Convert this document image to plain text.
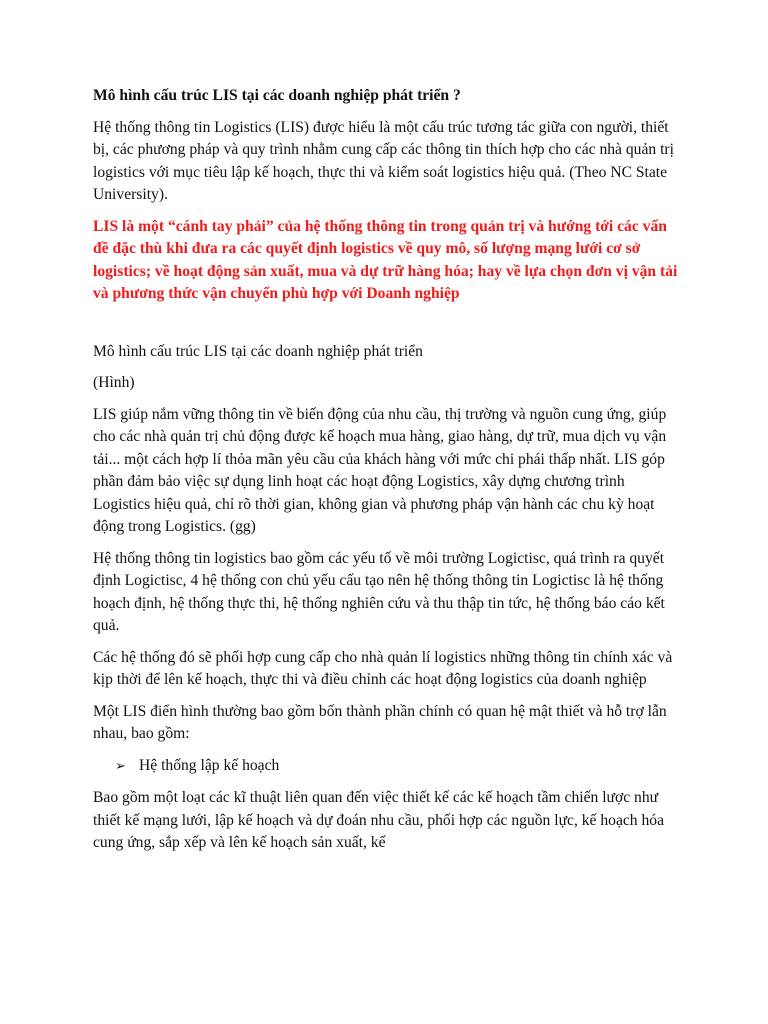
Mô hình cấu trúc LIS tại các doanh nghiệp phát triển ?

Hệ thống thông tin Logistics (LIS) được hiểu là một cấu trúc tương tác giữa con người, thiết bị, các phương pháp và quy trình nhằm cung cấp các thông tin thích hợp cho các nhà quản trị logistics với mục tiêu lập kế hoạch, thực thi và kiểm soát logistics hiệu quả. (Theo NC State University).

LIS là một “cánh tay phải” của hệ thống thông tin trong quản trị và hướng tới các vấn đề đặc thù khi đưa ra các quyết định logistics về quy mô, số lượng mạng lưới cơ sở logistics; về hoạt động sản xuất, mua và dự trữ hàng hóa; hay về lựa chọn đơn vị vận tải và phương thức vận chuyển phù hợp với Doanh nghiệp

Mô hình cấu trúc LIS tại các doanh nghiệp phát triển

(Hình)

LIS giúp nắm vững thông tin về biến động của nhu cầu, thị trường và nguồn cung ứng, giúp cho các nhà quản trị chủ động được kế hoạch mua hàng, giao hàng, dự trữ, mua dịch vụ vận tải... một cách hợp lí thỏa mãn yêu cầu của khách hàng với mức chi phái thấp nhất. LIS góp phần đảm bảo việc sự dụng linh hoạt các hoạt động Logistics, xây dựng chương trình Logistics hiệu quả, chỉ rõ thời gian, không gian và phương pháp vận hành các chu kỳ hoạt động trong Logistics. (gg)

Hệ thống thông tin logistics bao gồm các yếu tố về môi trường Logictisc, quá trình ra quyết định Logictisc, 4 hệ thống con chủ yếu cấu tạo nên hệ thống thông tin Logictisc là hệ thống hoạch định, hệ thống thực thi, hệ thống nghiên cứu và thu thập tin tức, hệ thống báo cáo kết quả.

Các hệ thống đó sẽ phối hợp cung cấp cho nhà quản lí logistics những thông tin chính xác và kịp thời để lên kế hoạch, thực thi và điều chỉnh các hoạt động logistics của doanh nghiệp

Một LIS điển hình thường bao gồm bốn thành phần chính có quan hệ mật thiết và hỗ trợ lẫn nhau, bao gồm:

➢ Hệ thống lập kế hoạch

Bao gồm một loạt các kĩ thuật liên quan đến việc thiết kế các kế hoạch tầm chiến lược như thiết kế mạng lưới, lập kế hoạch và dự đoán nhu cầu, phối hợp các nguồn lực, kế hoạch hóa cung ứng, sắp xếp và lên kế hoạch sản xuất, kế
